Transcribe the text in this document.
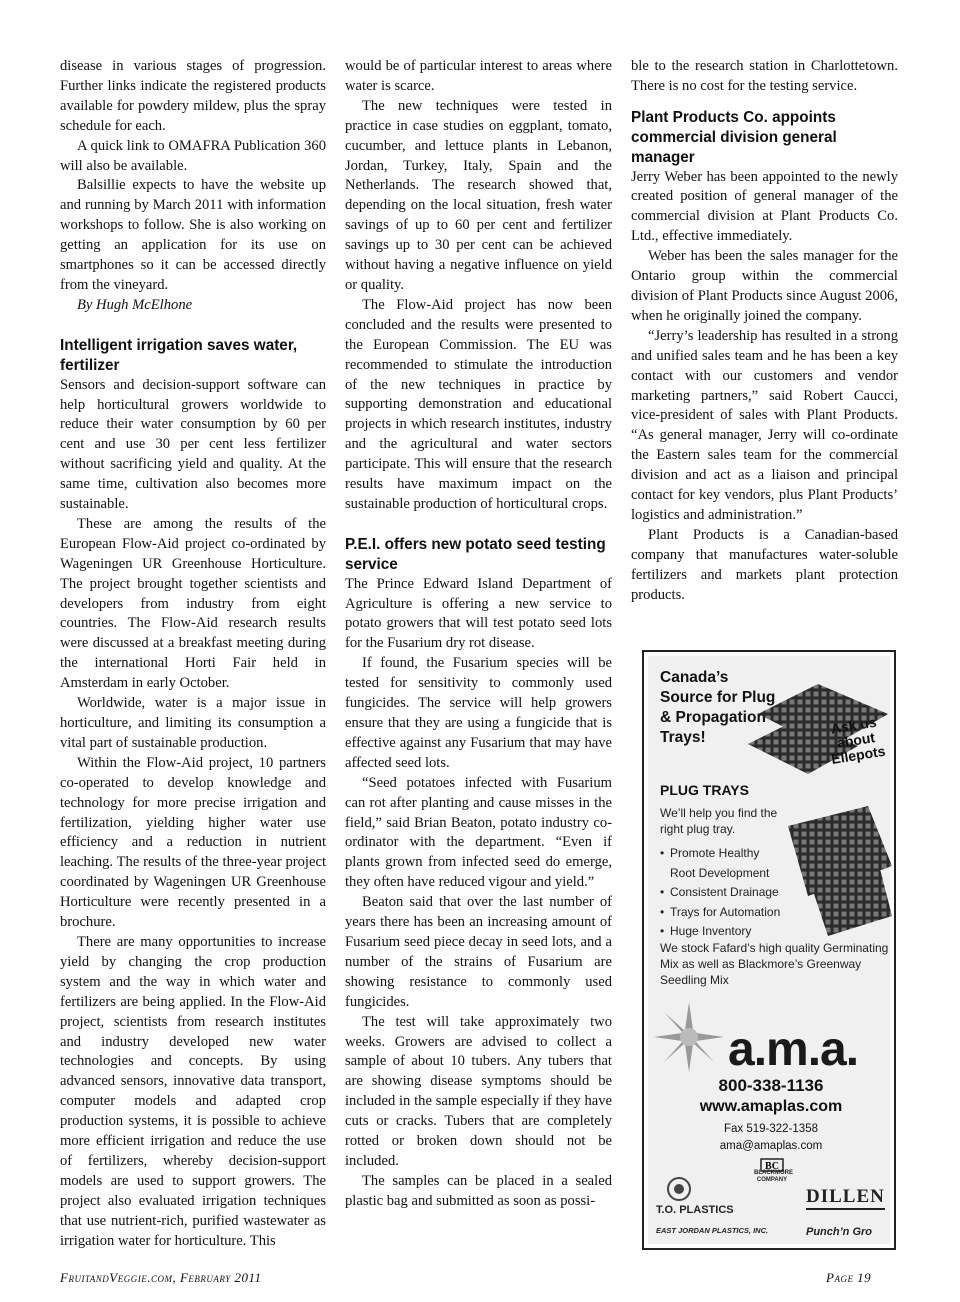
disease in various stages of progression. Further links indicate the registered products available for powdery mildew, plus the spray schedule for each.

A quick link to OMAFRA Publication 360 will also be available.

Balsillie expects to have the website up and running by March 2011 with information workshops to follow. She is also working on getting an application for its use on smartphones so it can be accessed directly from the vineyard.

By Hugh McElhone

Intelligent irrigation saves water, fertilizer

Sensors and decision-support software can help horticultural growers worldwide to reduce their water consumption by 60 per cent and use 30 per cent less fertilizer without sacrificing yield and quality. At the same time, cultivation also becomes more sustainable.

These are among the results of the European Flow-Aid project co-ordinated by Wageningen UR Greenhouse Horticulture. The project brought together scientists and developers from industry from eight countries. The Flow-Aid research results were discussed at a breakfast meeting during the international Horti Fair held in Amsterdam in early October.

Worldwide, water is a major issue in horticulture, and limiting its consumption a vital part of sustainable production.

Within the Flow-Aid project, 10 partners co-operated to develop knowledge and technology for more precise irrigation and fertilization, yielding higher water use efficiency and a reduction in nutrient leaching. The results of the three-year project coordinated by Wageningen UR Greenhouse Horticulture were recently presented in a brochure.

There are many opportunities to increase yield by changing the crop production system and the way in which water and fertilizers are being applied. In the Flow-Aid project, scientists from research institutes and industry developed new water technologies and concepts. By using advanced sensors, innovative data transport, computer models and adapted crop production systems, it is possible to achieve more efficient irrigation and reduce the use of fertilizers, whereby decision-support models are used to support growers. The project also evaluated irrigation techniques that use nutrient-rich, purified wastewater as irrigation water for horticulture. This

would be of particular interest to areas where water is scarce.

The new techniques were tested in practice in case studies on eggplant, tomato, cucumber, and lettuce plants in Lebanon, Jordan, Turkey, Italy, Spain and the Netherlands. The research showed that, depending on the local situation, fresh water savings of up to 60 per cent and fertilizer savings up to 30 per cent can be achieved without having a negative influence on yield or quality.

The Flow-Aid project has now been concluded and the results were presented to the European Commission. The EU was recommended to stimulate the introduction of the new techniques in practice by supporting demonstration and educational projects in which research institutes, industry and the agricultural and water sectors participate. This will ensure that the research results have maximum impact on the sustainable production of horticultural crops.

P.E.I. offers new potato seed testing service

The Prince Edward Island Department of Agriculture is offering a new service to potato growers that will test potato seed lots for the Fusarium dry rot disease.

If found, the Fusarium species will be tested for sensitivity to commonly used fungicides. The service will help growers ensure that they are using a fungicide that is effective against any Fusarium that may have affected seed lots.

“Seed potatoes infected with Fusarium can rot after planting and cause misses in the field,” said Brian Beaton, potato industry co-ordinator with the department. “Even if plants grown from infected seed do emerge, they often have reduced vigour and yield.”

Beaton said that over the last number of years there has been an increasing amount of Fusarium seed piece decay in seed lots, and a number of the strains of Fusarium are showing resistance to commonly used fungicides.

The test will take approximately two weeks. Growers are advised to collect a sample of about 10 tubers. Any tubers that are showing disease symptoms should be included in the sample especially if they have cuts or cracks. Tubers that are completely rotted or broken down should not be included.

The samples can be placed in a sealed plastic bag and submitted as soon as possi-

ble to the research station in Charlottetown. There is no cost for the testing service.

Plant Products Co. appoints commercial division general manager

Jerry Weber has been appointed to the newly created position of general manager of the commercial division at Plant Products Co. Ltd., effective immediately.

Weber has been the sales manager for the Ontario group within the commercial division of Plant Products since August 2006, when he originally joined the company.

“Jerry’s leadership has resulted in a strong and unified sales team and he has been a key contact with our customers and vendor marketing partners,” said Robert Caucci, vice-president of sales with Plant Products. “As general manager, Jerry will co-ordinate the Eastern sales team for the commercial division and act as a liaison and principal contact for key vendors, plus Plant Products’ logistics and administration.”

Plant Products is a Canadian-based company that manufactures water-soluble fertilizers and markets plant protection products.

Canada’s Source for Plug & Propagation Trays!
Ask us about Ellepots
PLUG TRAYS
We’ll help you find the right plug tray.
• Promote Healthy
Root Development
• Consistent Drainage
• Trays for Automation
• Huge Inventory
We stock Fafard’s high quality Germinating Mix as well as Blackmore’s Greenway Seedling Mix
a.m.a.
800-338-1136
www.amaplas.com
Fax 519-322-1358
ama@amaplas.com
T.O. PLASTICS
BC
BLACKMORE COMPANY
DILLEN
EAST JORDAN PLASTICS, INC.	Punch’n Gro
FruitandVeggie.com, February 2011	Page 19
